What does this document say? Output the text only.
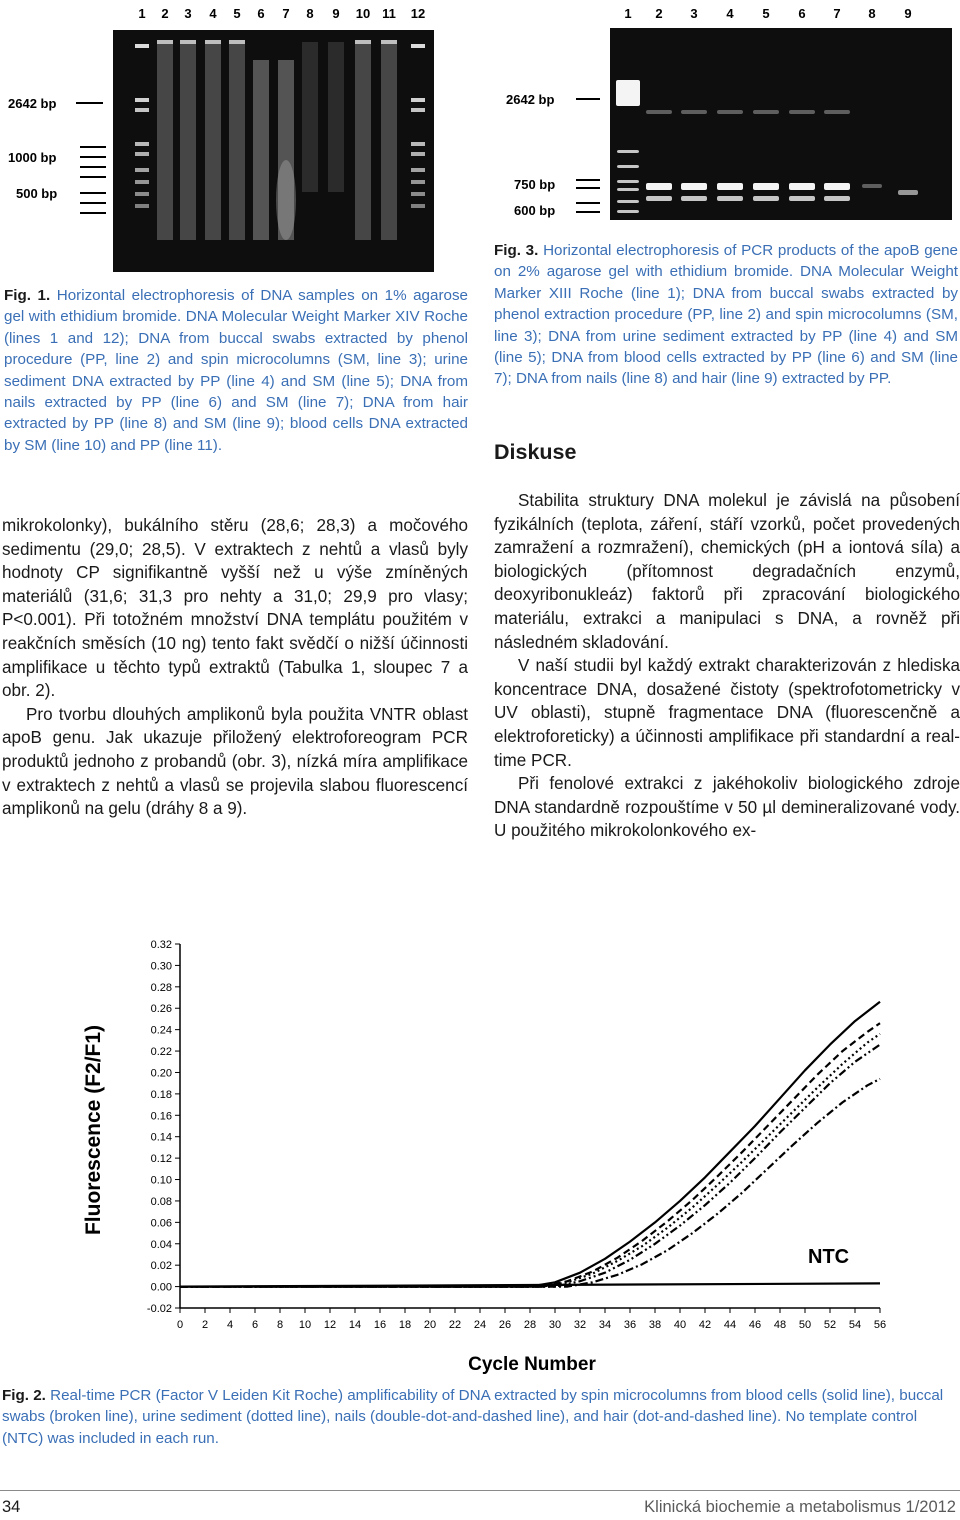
1 2 3 4 5 6 7 8 9 10 11 12
2642 bp
1000 bp
500 bp
1 2 3 4 5 6 7 8 9
2642 bp
750 bp
600 bp
Fig. 1. Horizontal electrophoresis of DNA samples on 1% agarose gel with ethidium bromide. DNA Molecular Weight Marker XIV Roche (lines 1 and 12); DNA from buccal swabs extracted by phenol procedure (PP, line 2) and spin microcolumns (SM, line 3); urine sediment DNA extracted by PP (line 4) and SM (line 5); DNA from nails extracted by PP (line 6) and SM (line 7); DNA from hair extracted by PP (line 8) and SM (line 9); blood cells DNA extracted by SM (line 10) and PP (line 11).
Fig. 3. Horizontal electrophoresis of PCR products of the apoB gene on 2% agarose gel with ethidium bromide. DNA Molecular Weight Marker XIII Roche (line 1); DNA from buccal swabs extracted by phenol extraction procedure (PP, line 2) and spin microcolumns (SM, line 3); DNA from urine sediment extracted by PP (line 4) and SM (line 5); DNA from blood cells extracted by PP (line 6) and SM (line 7); DNA from nails (line 8) and hair (line 9) extracted by PP.

mikrokolonky), bukálního stěru (28,6; 28,3) a močového sedimentu (29,0; 28,5). V extraktech z nehtů a vlasů byly hodnoty CP signifikantně vyšší než u výše zmíněných materiálů (31,6; 31,3 pro nehty a 31,0; 29,9 pro vlasy; P<0.001). Při totožném množství DNA templátu použitém v reakčních směsích (10 ng) tento fakt svědčí o nižší účinnosti amplifikace u těchto typů extraktů (Tabulka 1, sloupec 7 a obr. 2).

Pro tvorbu dlouhých amplikonů byla použita VNTR oblast apoB genu. Jak ukazuje přiložený elektroforeogram PCR produktů jednoho z probandů (obr. 3), nízká míra amplifikace v extraktech z nehtů a vlasů se projevila slabou fluorescencí amplikonů na gelu (dráhy 8 a 9).

Diskuse

Stabilita struktury DNA molekul je závislá na působení fyzikálních (teplota, záření, stáří vzorků, počet provedených zamražení a rozmražení), chemických (pH a iontová síla) a biologických (přítomnost degradačních enzymů, deoxyribonukleáz) faktorů při zpracování biologického materiálu, extrakci a manipulaci s DNA, a rovněž při následném skladování.

V naší studii byl každý extrakt charakterizován z hlediska koncentrace DNA, dosažené čistoty (spektrofotometricky v UV oblasti), stupně fragmentace DNA (fluorescenčně a elektroforeticky) a účinnosti amplifikace při standardní a real-time PCR.

Při fenolové extrakci z jakéhokoliv biologického zdroje DNA standardně rozpouštíme v 50 µl demineralizované vody. U použitého mikrokolonkového ex-

-0.02
0.00
0.02
0.04
0.06
0.08
0.10
0.12
0.14
0.16
0.18
0.20
0.22
0.24
0.26
0.28
0.30
0.32
0 2 4 6 8 10 12 14 16 18 20 22 24 26 28 30 32 34 36 38 40 42 44 46 48 50 52 54 56
Fluorescence (F2/F1)
Cycle Number
NTC
Fig. 2. Real-time PCR (Factor V Leiden Kit Roche) amplificability of DNA extracted by spin microcolumns from blood cells (solid line), buccal swabs (broken line), urine sediment (dotted line), nails (double-dot-and-dashed line), and hair (dot-and-dashed line). No template control (NTC) was included in each run.
34	Klinická biochemie a metabolismus 1/2012
